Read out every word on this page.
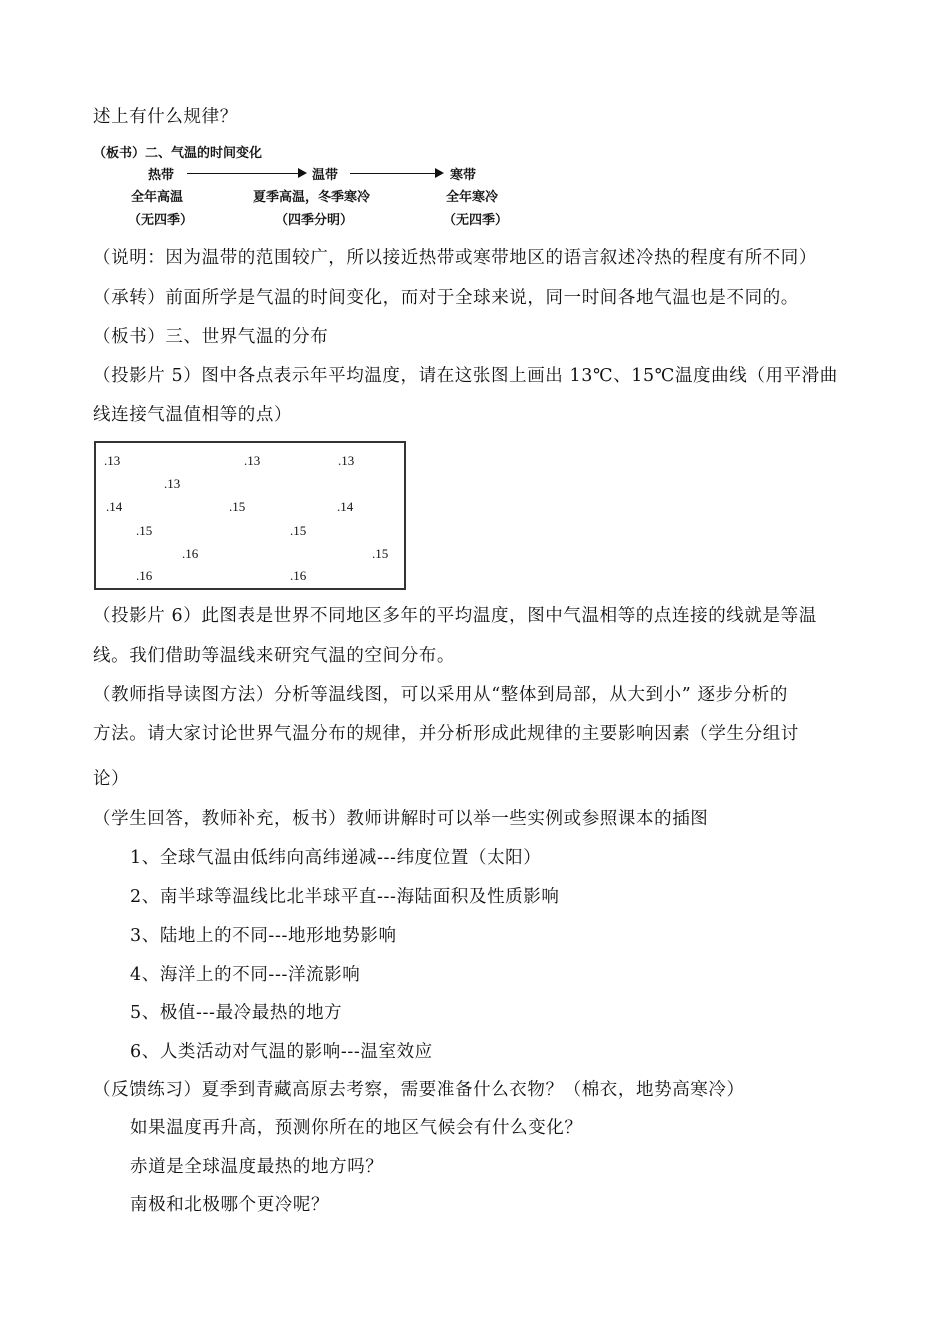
述上有什么规律？
（板书）二、气温的时间变化
热带	温带	寒带
全年高温	夏季高温，冬季寒冷	全年寒冷
（无四季）	（四季分明）	（无四季）
（说明：因为温带的范围较广，所以接近热带或寒带地区的语言叙述冷热的程度有所不同）
（承转）前面所学是气温的时间变化，而对于全球来说，同一时间各地气温也是不同的。
（板书）三、世界气温的分布
（投影片 5）图中各点表示年平均温度，请在这张图上画出 13℃、15℃温度曲线（用平滑曲
线连接气温值相等的点）
.13	.13	.13
.13
.14	.15	.14
.15	.15
.16	.15
.16	.16
（投影片 6）此图表是世界不同地区多年的平均温度，图中气温相等的点连接的线就是等温
线。我们借助等温线来研究气温的空间分布。
（教师指导读图方法）分析等温线图，可以采用从“整体到局部，从大到小” 逐步分析的
方法。请大家讨论世界气温分布的规律，并分析形成此规律的主要影响因素（学生分组讨
论）
（学生回答，教师补充，板书）教师讲解时可以举一些实例或参照课本的插图
1、全球气温由低纬向高纬递减---纬度位置（太阳）
2、南半球等温线比北半球平直---海陆面积及性质影响
3、陆地上的不同---地形地势影响
4、海洋上的不同---洋流影响
5、极值---最冷最热的地方
6、人类活动对气温的影响---温室效应
（反馈练习）夏季到青藏高原去考察，需要准备什么衣物？（棉衣，地势高寒冷）
如果温度再升高，预测你所在的地区气候会有什么变化？
赤道是全球温度最热的地方吗？
南极和北极哪个更冷呢？
